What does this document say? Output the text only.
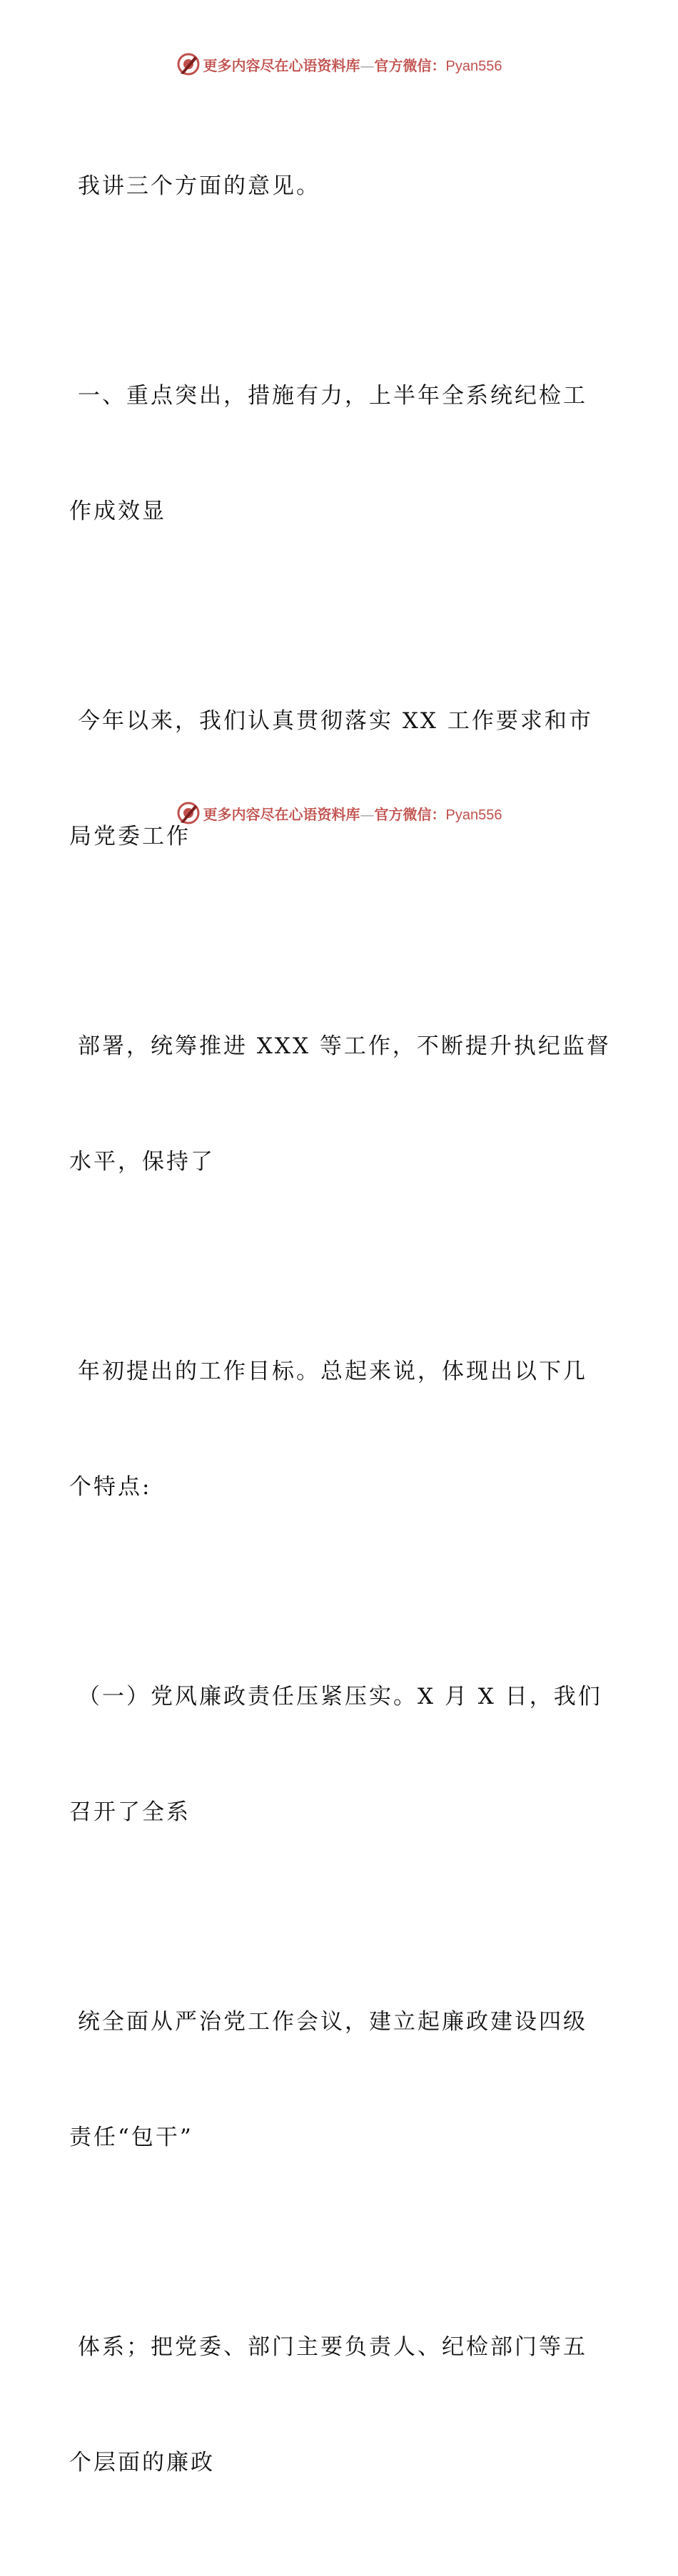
更多内容尽在心语资料库—官方微信：Pyan556

我讲三个方面的意见。

一、重点突出，措施有力，上半年全系统纪检工

作成效显

今年以来，我们认真贯彻落实 XX 工作要求和市

局党委工作

部署，统筹推进 XXX 等工作，不断提升执纪监督

水平，保持了

年初提出的工作目标。总起来说，体现出以下几

个特点:

（一）党风廉政责任压紧压实。X 月 X 日，我们

召开了全系

统全面从严治党工作会议，建立起廉政建设四级

责任“包干”

体系；把党委、部门主要负责人、纪检部门等五

个层面的廉政

更多内容尽在心语资料库—官方微信：Pyan556
